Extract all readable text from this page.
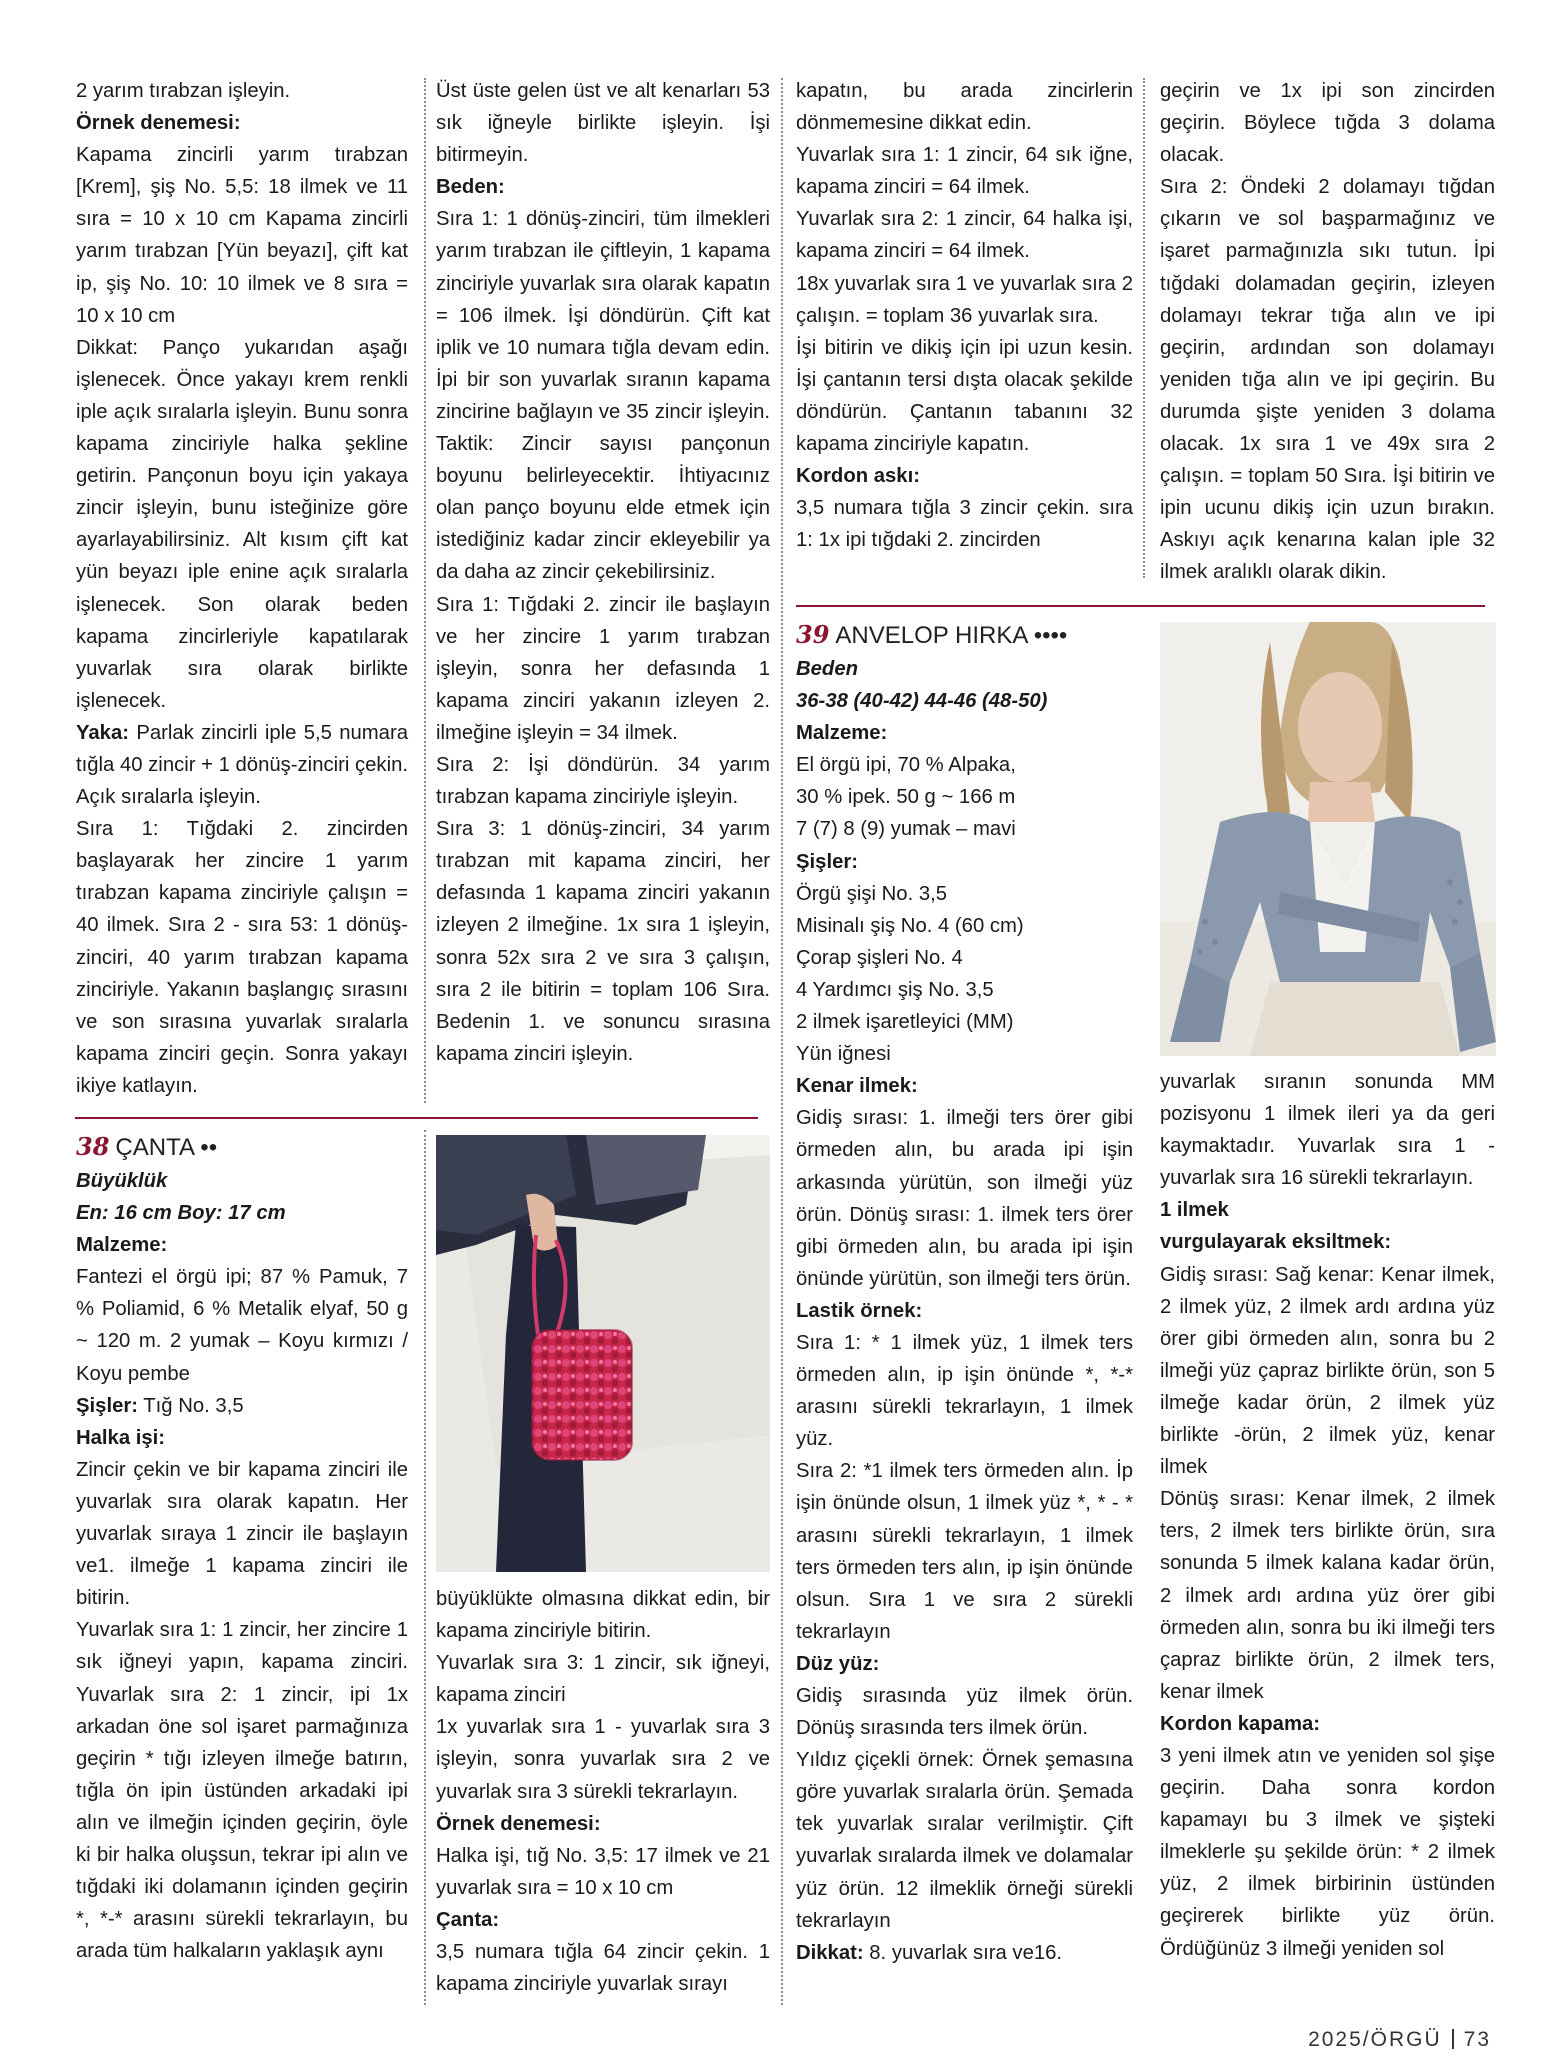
2 yarım tırabzan işleyin.

Örnek denemesi:

Kapama zincirli yarım tırabzan [Krem], şiş No. 5,5: 18 ilmek ve 11 sıra = 10 x 10 cm Kapama zincirli yarım tırabzan [Yün beyazı], çift kat ip, şiş No. 10: 10 ilmek ve 8 sıra = 10 x 10 cm

Dikkat: Panço yukarıdan aşağı işlenecek. Önce yakayı krem renkli iple açık sıralarla işleyin. Bunu sonra kapama zinciriyle halka şekline getirin. Pançonun boyu için yakaya zincir işleyin, bunu isteğinize göre ayarlayabilirsiniz. Alt kısım çift kat yün beyazı iple enine açık sıralarla işlenecek. Son olarak beden kapama zincirleriyle kapatılarak yuvarlak sıra olarak birlikte işlenecek.

Yaka: Parlak zincirli iple 5,5 numara tığla 40 zincir + 1 dönüş-zinciri çekin. Açık sıralarla işleyin.

Sıra 1: Tığdaki 2. zincirden başlayarak her zincire 1 yarım tırabzan kapama zinciriyle çalışın = 40 ilmek. Sıra 2 - sıra 53: 1 dönüş-zinciri, 40 yarım tırabzan kapama zinciriyle. Yakanın başlangıç sırasını ve son sırasına yuvarlak sıralarla kapama zinciri geçin. Sonra yakayı ikiye katlayın.

Üst üste gelen üst ve alt kenarları 53 sık iğneyle birlikte işleyin. İşi bitirmeyin.

Beden:

Sıra 1: 1 dönüş-zinciri, tüm ilmekleri yarım tırabzan ile çiftleyin, 1 kapama zinciriyle yuvarlak sıra olarak kapatın = 106 ilmek. İşi döndürün. Çift kat iplik ve 10 numara tığla devam edin. İpi bir son yuvarlak sıranın kapama zincirine bağlayın ve 35 zincir işleyin. Taktik: Zincir sayısı pançonun boyunu belirleyecektir. İhtiyacınız olan panço boyunu elde etmek için istediğiniz kadar zincir ekleyebilir ya da daha az zincir çekebilirsiniz.

Sıra 1: Tığdaki 2. zincir ile başlayın ve her zincire 1 yarım tırabzan işleyin, sonra her defasında 1 kapama zinciri yakanın izleyen 2. ilmeğine işleyin = 34 ilmek.

Sıra 2: İşi döndürün. 34 yarım tırabzan kapama zinciriyle işleyin.

Sıra 3: 1 dönüş-zinciri, 34 yarım tırabzan mit kapama zinciri, her defasında 1 kapama zinciri yakanın izleyen 2 ilmeğine. 1x sıra 1 işleyin, sonra 52x sıra 2 ve sıra 3 çalışın, sıra 2 ile bitirin = toplam 106 Sıra. Bedenin 1. ve sonuncu sırasına kapama zinciri işleyin.

kapatın, bu arada zincirlerin dönmemesine dikkat edin.

Yuvarlak sıra 1: 1 zincir, 64 sık iğne, kapama zinciri = 64 ilmek.

Yuvarlak sıra 2: 1 zincir, 64 halka işi, kapama zinciri = 64 ilmek.

18x yuvarlak sıra 1 ve yuvarlak sıra 2 çalışın. = toplam 36 yuvarlak sıra.

İşi bitirin ve dikiş için ipi uzun kesin. İşi çantanın tersi dışta olacak şekilde döndürün. Çantanın tabanını 32 kapama zinciriyle kapatın.

Kordon askı:

3,5 numara tığla 3 zincir çekin. sıra 1: 1x ipi tığdaki 2. zincirden

geçirin ve 1x ipi son zincirden geçirin. Böylece tığda 3 dolama olacak.

Sıra 2: Öndeki 2 dolamayı tığdan çıkarın ve sol başparmağınız ve işaret parmağınızla sıkı tutun. İpi tığdaki dolamadan geçirin, izleyen dolamayı tekrar tığa alın ve ipi geçirin, ardından son dolamayı yeniden tığa alın ve ipi geçirin. Bu durumda şişte yeniden 3 dolama olacak. 1x sıra 1 ve 49x sıra 2 çalışın. = toplam 50 Sıra. İşi bitirin ve ipin ucunu dikiş için uzun bırakın. Askıyı açık kenarına kalan iple 32 ilmek aralıklı olarak dikin.

38 ÇANTA ••

Büyüklük

En: 16 cm Boy: 17 cm

Malzeme:

Fantezi el örgü ipi; 87 % Pamuk, 7 % Poliamid, 6 % Metalik elyaf, 50 g ~ 120 m. 2 yumak – Koyu kırmızı / Koyu pembe

Şişler: Tığ No. 3,5

Halka işi:

Zincir çekin ve bir kapama zinciri ile yuvarlak sıra olarak kapatın. Her yuvarlak sıraya 1 zincir ile başlayın ve1. ilmeğe 1 kapama zinciri ile bitirin.

Yuvarlak sıra 1: 1 zincir, her zincire 1 sık iğneyi yapın, kapama zinciri. Yuvarlak sıra 2: 1 zincir, ipi 1x arkadan öne sol işaret parmağınıza geçirin * tığı izleyen ilmeğe batırın, tığla ön ipin üstünden arkadaki ipi alın ve ilmeğin içinden geçirin, öyle ki bir halka oluşsun, tekrar ipi alın ve tığdaki iki dolamanın içinden geçirin *, *-* arasını sürekli tekrarlayın, bu arada tüm halkaların yaklaşık aynı

büyüklükte olmasına dikkat edin, bir kapama zinciriyle bitirin.

Yuvarlak sıra 3: 1 zincir, sık iğneyi, kapama zinciri

1x yuvarlak sıra 1 - yuvarlak sıra 3 işleyin, sonra yuvarlak sıra 2 ve yuvarlak sıra 3 sürekli tekrarlayın.

Örnek denemesi:

Halka işi, tığ No. 3,5: 17 ilmek ve 21 yuvarlak sıra = 10 x 10 cm

Çanta:

3,5 numara tığla 64 zincir çekin. 1 kapama zinciriyle yuvarlak sırayı

39 ANVELOP HIRKA ••••

Beden

36-38 (40-42) 44-46 (48-50)

Malzeme:

El örgü ipi, 70 % Alpaka,

30 % ipek. 50 g ~ 166 m

7 (7) 8 (9) yumak – mavi

Şişler:

Örgü şişi No. 3,5

Misinalı şiş No. 4 (60 cm)

Çorap şişleri No. 4

4 Yardımcı şiş No. 3,5

2 ilmek işaretleyici (MM)

Yün iğnesi

Kenar ilmek:

Gidiş sırası: 1. ilmeği ters örer gibi örmeden alın, bu arada ipi işin arkasında yürütün, son ilmeği yüz örün. Dönüş sırası: 1. ilmek ters örer gibi örmeden alın, bu arada ipi işin önünde yürütün, son ilmeği ters örün.

Lastik örnek:

Sıra 1: * 1 ilmek yüz, 1 ilmek ters örmeden alın, ip işin önünde *, *-* arasını sürekli tekrarlayın, 1 ilmek yüz.

Sıra 2: *1 ilmek ters örmeden alın. İp işin önünde olsun, 1 ilmek yüz *, * - * arasını sürekli tekrarlayın, 1 ilmek ters örmeden ters alın, ip işin önünde olsun. Sıra 1 ve sıra 2 sürekli tekrarlayın

Düz yüz:

Gidiş sırasında yüz ilmek örün. Dönüş sırasında ters ilmek örün.

Yıldız çiçekli örnek: Örnek şemasına göre yuvarlak sıralarla örün. Şemada tek yuvarlak sıralar verilmiştir. Çift yuvarlak sıralarda ilmek ve dolamalar yüz örün. 12 ilmeklik örneği sürekli tekrarlayın

Dikkat: 8. yuvarlak sıra ve16.

yuvarlak sıranın sonunda MM pozisyonu 1 ilmek ileri ya da geri kaymaktadır. Yuvarlak sıra 1 - yuvarlak sıra 16 sürekli tekrarlayın.

1 ilmek

vurgulayarak eksiltmek:

Gidiş sırası: Sağ kenar: Kenar ilmek, 2 ilmek yüz, 2 ilmek ardı ardına yüz örer gibi örmeden alın, sonra bu 2 ilmeği yüz çapraz birlikte örün, son 5 ilmeğe kadar örün, 2 ilmek yüz birlikte -örün, 2 ilmek yüz, kenar ilmek

Dönüş sırası: Kenar ilmek, 2 ilmek ters, 2 ilmek ters birlikte örün, sıra sonunda 5 ilmek kalana kadar örün, 2 ilmek ardı ardına yüz örer gibi örmeden alın, sonra bu iki ilmeği ters çapraz birlikte örün, 2 ilmek ters, kenar ilmek

Kordon kapama:

3 yeni ilmek atın ve yeniden sol şişe geçirin. Daha sonra kordon kapamayı bu 3 ilmek ve şişteki ilmeklerle şu şekilde örün: * 2 ilmek yüz, 2 ilmek birbirinin üstünden geçirerek birlikte yüz örün. Ördüğünüz 3 ilmeği yeniden sol

2025/ÖRGÜ 73
